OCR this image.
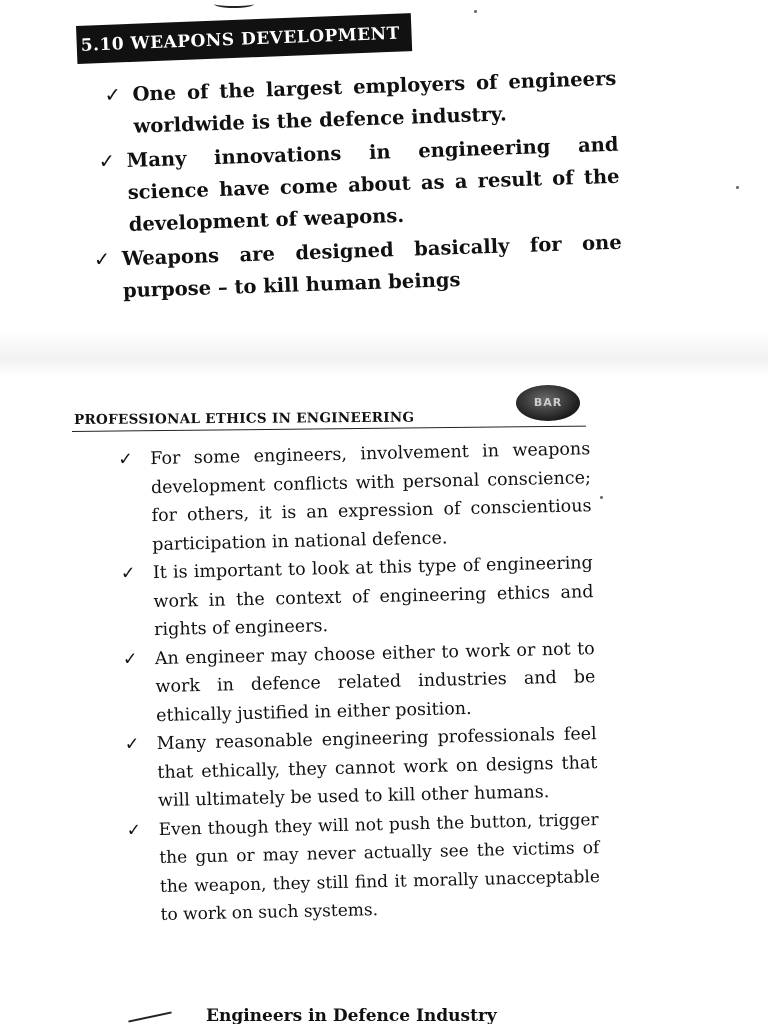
5.10 WEAPONS DEVELOPMENT
✓ One of the largest employers of engineers worldwide is the defence industry.
✓ Many innovations in engineering and science have come about as a result of the development of weapons.
✓ Weapons are designed basically for one purpose – to kill human beings
BAR
PROFESSIONAL ETHICS IN ENGINEERING
✓ For some engineers, involvement in weapons development conflicts with personal conscience; for others, it is an expression of conscientious participation in national defence.
✓ It is important to look at this type of engineering work in the context of engineering ethics and rights of engineers.
✓ An engineer may choose either to work or not to work in defence related industries and be ethically justified in either position.
✓ Many reasonable engineering professionals feel that ethically, they cannot work on designs that will ultimately be used to kill other humans.
✓ Even though they will not push the button, trigger the gun or may never actually see the victims of the weapon, they still find it morally unacceptable to work on such systems.
Engineers in Defence Industry
